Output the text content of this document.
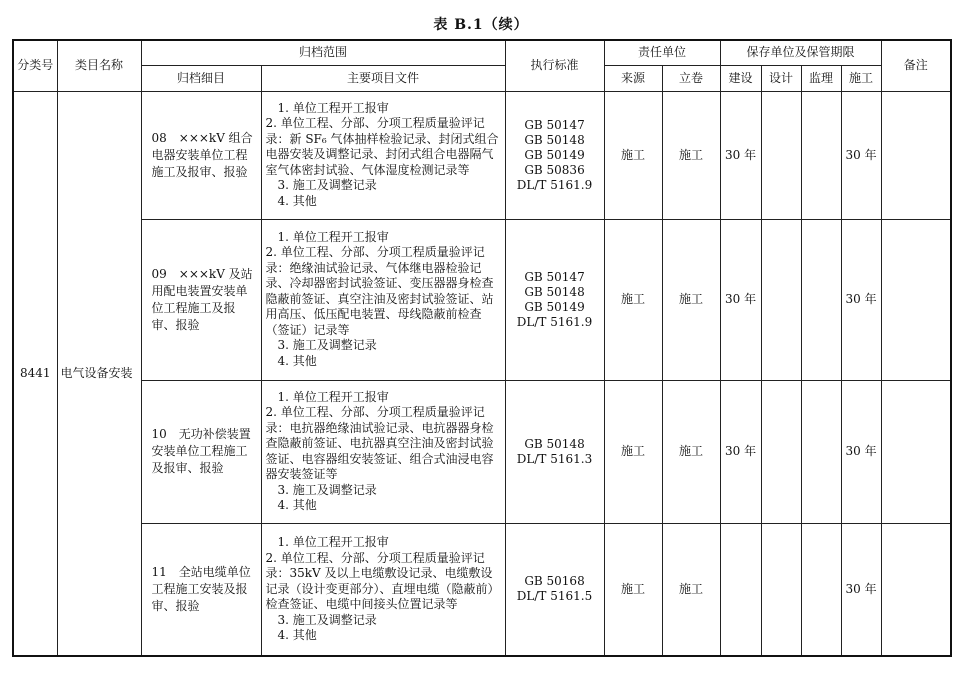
表 B.1（续）
分类号	类目名称	归档范围		执行标准	责任单位		保存单位及保管期限				备注
		归档细目	主要项目文件		来源	立卷	建设	设计	监理	施工	
8441	电气设备安装	08　×××kV 组合电器安装单位工程施工及报审、报验	1. 单位工程开工报审
2. 单位工程、分部、分项工程质量验评记录：新 SF₆ 气体抽样检验记录、封闭式组合电器安装及调整记录、封闭式组合电器隔气室气体密封试验、气体湿度检测记录等
3. 施工及调整记录
4. 其他	GB 50147
GB 50148
GB 50149
GB 50836
DL/T 5161.9	施工	施工	30 年			30 年	
		09　×××kV 及站用配电装置安装单位工程施工及报审、报验	1. 单位工程开工报审
2. 单位工程、分部、分项工程质量验评记录：绝缘油试验记录、气体继电器检验记录、冷却器密封试验签证、变压器器身检查隐蔽前签证、真空注油及密封试验签证、站用高压、低压配电装置、母线隐蔽前检查（签证）记录等
3. 施工及调整记录
4. 其他	GB 50147
GB 50148
GB 50149
DL/T 5161.9	施工	施工	30 年			30 年	
		10　无功补偿装置安装单位工程施工及报审、报验	1. 单位工程开工报审
2. 单位工程、分部、分项工程质量验评记录：电抗器绝缘油试验记录、电抗器器身检查隐蔽前签证、电抗器真空注油及密封试验签证、电容器组安装签证、组合式油浸电容器安装签证等
3. 施工及调整记录
4. 其他	GB 50148
DL/T 5161.3	施工	施工	30 年			30 年	
		11　全站电缆单位工程施工安装及报审、报验	1. 单位工程开工报审
2. 单位工程、分部、分项工程质量验评记录：35kV 及以上电缆敷设记录、电缆敷设记录（设计变更部分）、直埋电缆（隐蔽前）检查签证、电缆中间接头位置记录等
3. 施工及调整记录
4. 其他	GB 50168
DL/T 5161.5	施工	施工				30 年	
